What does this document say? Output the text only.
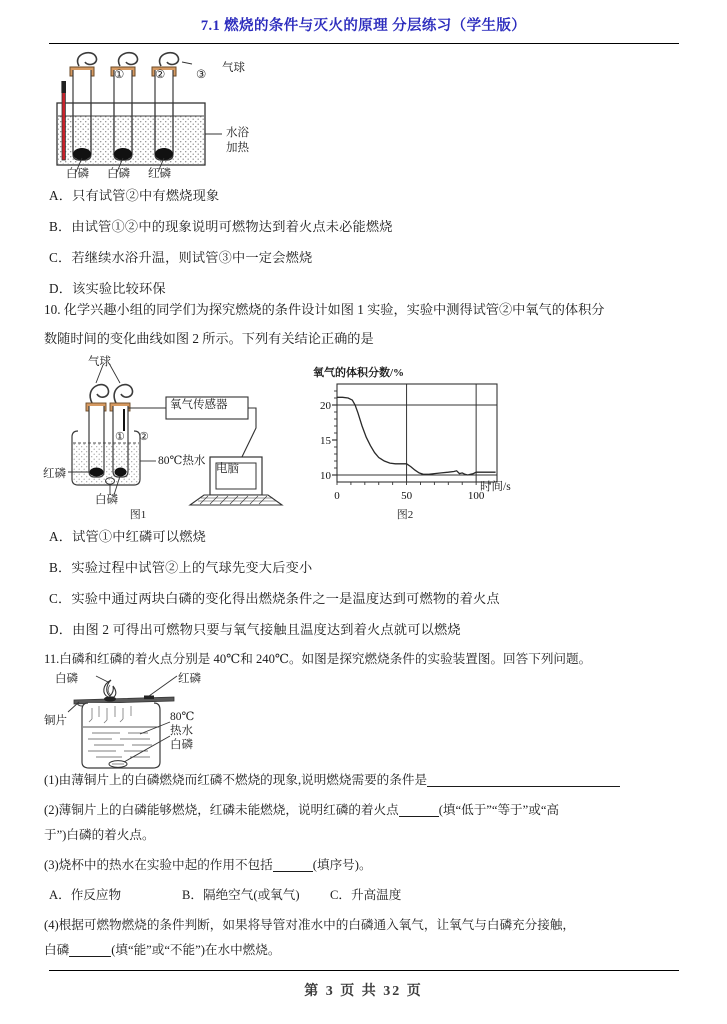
7.1 燃烧的条件与灭火的原理 分层练习（学生版）
气球
水浴
加热
①	②	③
白磷 白磷 红磷
A．只有试管②中有燃烧现象
B．由试管①②中的现象说明可燃物达到着火点未必能燃烧
C．若继续水浴升温，则试管③中一定会燃烧
D．该实验比较环保
10. 化学兴趣小组的同学们为探究燃烧的条件设计如图 1 实验，实验中测得试管②中氧气的体积分
数随时间的变化曲线如图 2 所示。下列有关结论正确的是
气球
氧气传感器
电脑
80℃热水
红磷
白磷
① ②
图1
10
15
20
0	50	100
氧气的体积分数/%
时间/s
图2
A．试管①中红磷可以燃烧
B．实验过程中试管②上的气球先变大后变小
C．实验中通过两块白磷的变化得出燃烧条件之一是温度达到可燃物的着火点
D．由图 2 可得出可燃物只要与氧气接触且温度达到着火点就可以燃烧
11.白磷和红磷的着火点分别是 40℃和 240℃。如图是探究燃烧条件的实验装置图。回答下列问题。
白磷	红磷
铜片	80℃
热水
白磷
(1)由薄铜片上的白磷燃烧而红磷不燃烧的现象,说明燃烧需要的条件是
(2)薄铜片上的白磷能够燃烧，红磷未能燃烧，说明红磷的着火点	(填“低于”“等于”或“高
于”)白磷的着火点。
(3)烧杯中的热水在实验中起的作用不包括	(填序号)。
A．作反应物	B．隔绝空气(或氧气) C．升高温度
(4)根据可燃物燃烧的条件判断，如果将导管对准水中的白磷通入氧气，让氧气与白磷充分接触，
白磷	(填“能”或“不能”)在水中燃烧。
第 3 页 共 32 页
